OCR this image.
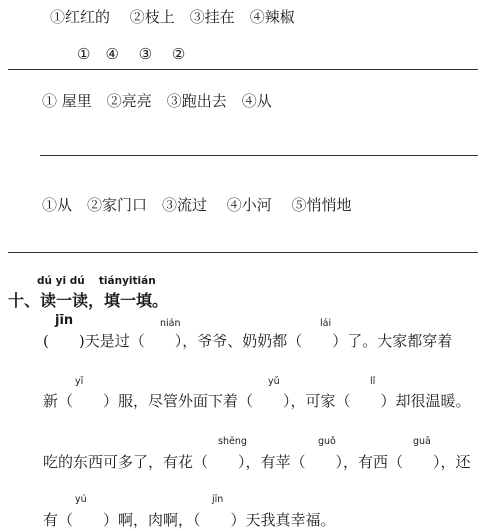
①红红的 　②枝上　③挂在　④辣椒
①　④　 ③ 　②
① 屋里　②亮亮　③跑出去　④从
①从　②家门口　③流过 　④小河 　⑤悄悄地
dú yi dú　 tiányitián
十、读一读，填一填。
jīn	nián	lái
(　　)天是过（　　），爷爷、奶奶都（　　）了。大家都穿着
yī	yǔ	lǐ
新（　　）服，尽管外面下着（　　），可家（　　）却很温暖。
shēng	guǒ	guā
吃的东西可多了，有花（　　），有苹（　　），有西（　　），还
yú	jīn
有（　　）啊，肉啊，（　　）天我真幸福。
